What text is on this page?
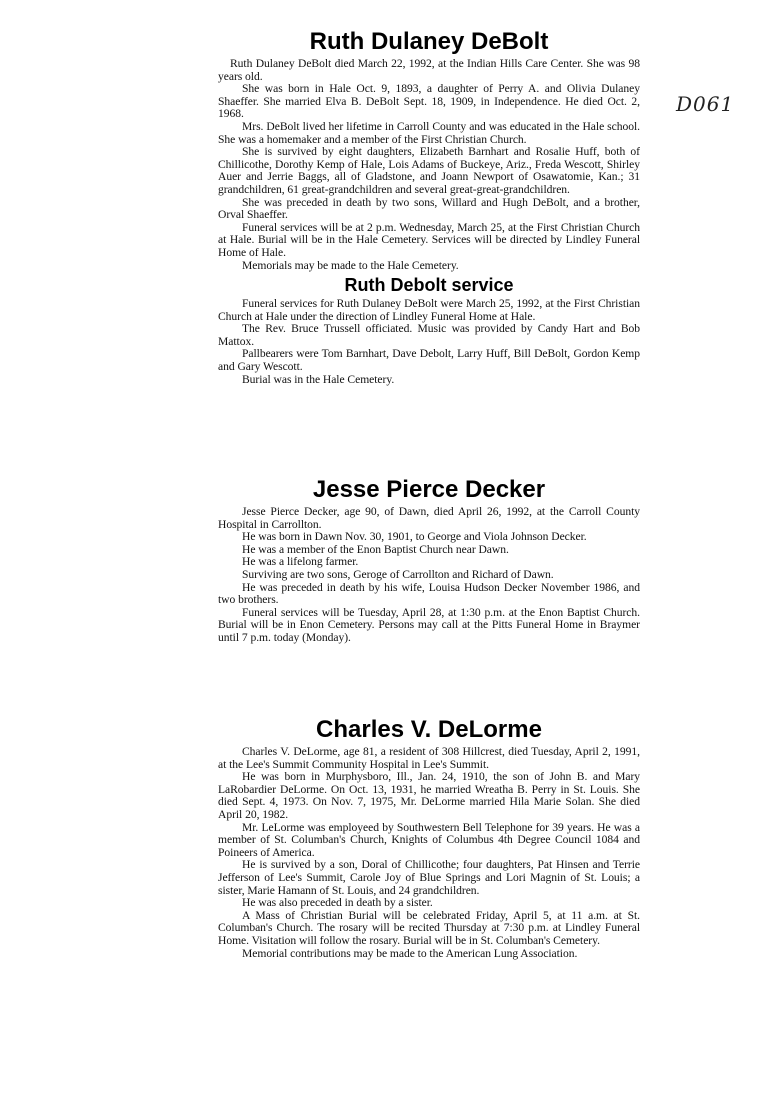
D061
Ruth Dulaney DeBolt

Ruth Dulaney DeBolt died March 22, 1992, at the Indian Hills Care Center. She was 98 years old.

She was born in Hale Oct. 9, 1893, a daughter of Perry A. and Olivia Dulaney Shaeffer. She married Elva B. DeBolt Sept. 18, 1909, in Independence. He died Oct. 2, 1968.

Mrs. DeBolt lived her lifetime in Carroll County and was educated in the Hale school. She was a homemaker and a member of the First Christian Church.

She is survived by eight daughters, Elizabeth Barnhart and Rosalie Huff, both of Chillicothe, Dorothy Kemp of Hale, Lois Adams of Buckeye, Ariz., Freda Wescott, Shirley Auer and Jerrie Baggs, all of Gladstone, and Joann Newport of Osawatomie, Kan.; 31 grandchildren, 61 great-grandchildren and several great-great-grandchildren.

She was preceded in death by two sons, Willard and Hugh DeBolt, and a brother, Orval Shaeffer.

Funeral services will be at 2 p.m. Wednesday, March 25, at the First Christian Church at Hale. Burial will be in the Hale Cemetery. Services will be directed by Lindley Funeral Home of Hale.

Memorials may be made to the Hale Cemetery.

Ruth Debolt service

Funeral services for Ruth Dulaney DeBolt were March 25, 1992, at the First Christian Church at Hale under the direction of Lindley Funeral Home at Hale.

The Rev. Bruce Trussell officiated. Music was provided by Candy Hart and Bob Mattox.

Pallbearers were Tom Barnhart, Dave Debolt, Larry Huff, Bill DeBolt, Gordon Kemp and Gary Wescott.

Burial was in the Hale Cemetery.

Jesse Pierce Decker

Jesse Pierce Decker, age 90, of Dawn, died April 26, 1992, at the Carroll County Hospital in Carrollton.

He was born in Dawn Nov. 30, 1901, to George and Viola Johnson Decker.

He was a member of the Enon Baptist Church near Dawn.

He was a lifelong farmer.

Surviving are two sons, Geroge of Carrollton and Richard of Dawn.

He was preceded in death by his wife, Louisa Hudson Decker November 1986, and two brothers.

Funeral services will be Tuesday, April 28, at 1:30 p.m. at the Enon Baptist Church. Burial will be in Enon Cemetery. Persons may call at the Pitts Funeral Home in Braymer until 7 p.m. today (Monday).

Charles V. DeLorme

Charles V. DeLorme, age 81, a resident of 308 Hillcrest, died Tuesday, April 2, 1991, at the Lee's Summit Community Hospital in Lee's Summit.

He was born in Murphysboro, Ill., Jan. 24, 1910, the son of John B. and Mary LaRobardier DeLorme. On Oct. 13, 1931, he married Wreatha B. Perry in St. Louis. She died Sept. 4, 1973. On Nov. 7, 1975, Mr. DeLorme married Hila Marie Solan. She died April 20, 1982.

Mr. LeLorme was employeed by Southwestern Bell Telephone for 39 years. He was a member of St. Columban's Church, Knights of Columbus 4th Degree Council 1084 and Poineers of America.

He is survived by a son, Doral of Chillicothe; four daughters, Pat Hinsen and Terrie Jefferson of Lee's Summit, Carole Joy of Blue Springs and Lori Magnin of St. Louis; a sister, Marie Hamann of St. Louis, and 24 grandchildren.

He was also preceded in death by a sister.

A Mass of Christian Burial will be celebrated Friday, April 5, at 11 a.m. at St. Columban's Church. The rosary will be recited Thursday at 7:30 p.m. at Lindley Funeral Home. Visitation will follow the rosary. Burial will be in St. Columban's Cemetery.

Memorial contributions may be made to the American Lung Association.
